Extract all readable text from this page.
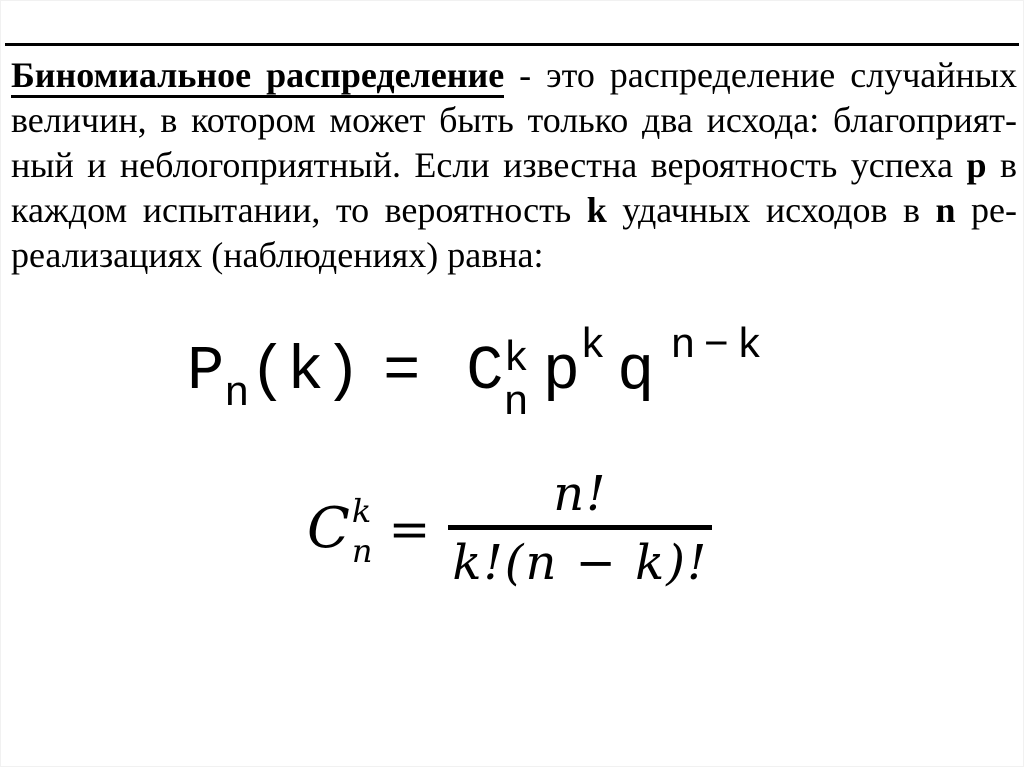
Биномиальное распределение - это распределение случайных
величин, в котором может быть только два исхода: благоприят-
ный и неблогоприятный. Если известна вероятность успеха p в
каждом испытании, то вероятность k удачных исходов в n ре-
реализациях (наблюдениях) равна:
P n (k) = C k
n p k q n−k
C k
$n = \frac{n!}{k!(n - k)!}$
